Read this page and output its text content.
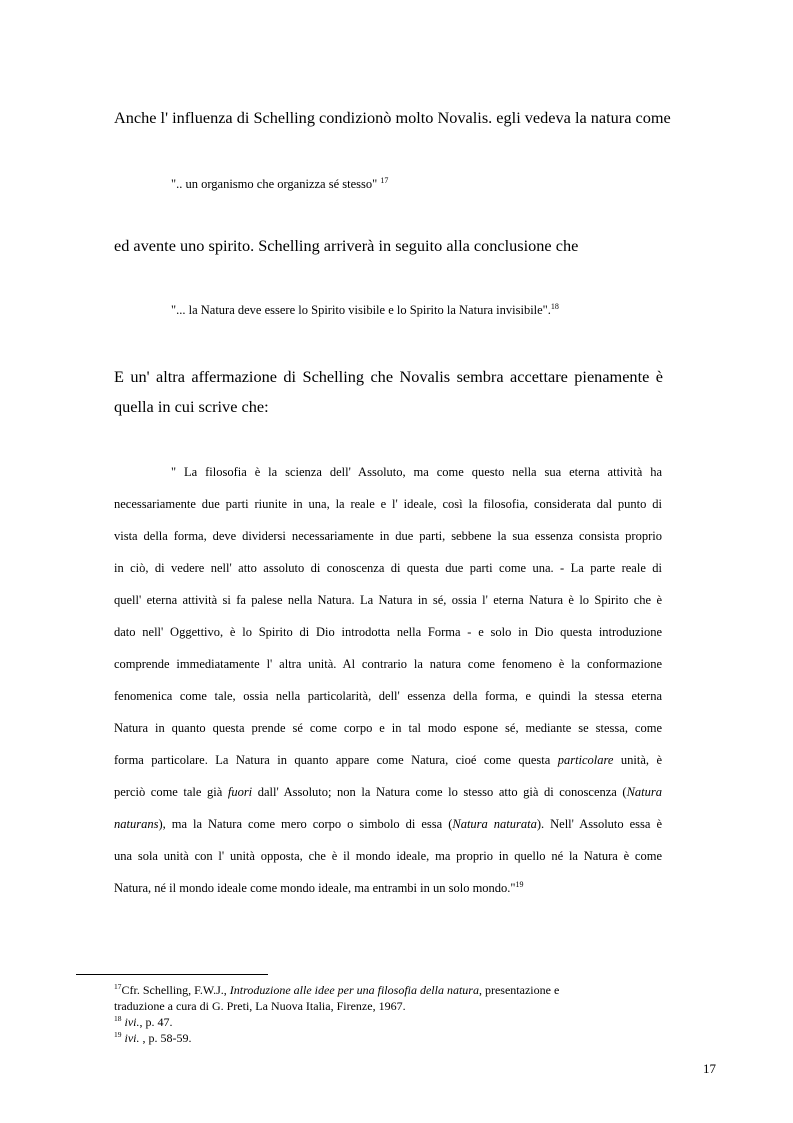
Anche l' influenza di Schelling condizionò molto Novalis. egli vedeva la natura come
".. un organismo che organizza sé stesso" $^{17}$
ed avente uno spirito. Schelling arriverà in seguito alla conclusione che
"... la Natura deve essere lo Spirito visibile e lo Spirito la Natura invisibile".$^{18}$
E un' altra affermazione di Schelling che Novalis sembra accettare pienamente è
quella in cui scrive che:
" La filosofia è la scienza dell' Assoluto, ma come questo nella sua eterna attività ha
necessariamente due parti riunite in una, la reale e l' ideale, così la filosofia, considerata dal punto di
vista della forma, deve dividersi necessariamente in due parti, sebbene la sua essenza consista proprio
in ciò, di vedere nell' atto assoluto di conoscenza di questa due parti come una. - La parte reale di
quell' eterna attività si fa palese nella Natura. La Natura in sé, ossia l' eterna Natura è lo Spirito che è
dato nell' Oggettivo, è lo Spirito di Dio introdotta nella Forma - e solo in Dio questa introduzione
comprende immediatamente l' altra unità. Al contrario la natura come fenomeno è la conformazione
fenomenica come tale, ossia nella particolarità, dell' essenza della forma, e quindi la stessa eterna
Natura in quanto questa prende sé come corpo e in tal modo espone sé, mediante se stessa, come
forma particolare. La Natura in quanto appare come Natura, cioé come questa particolare unità, è
perciò come tale già fuori dall' Assoluto; non la Natura come lo stesso atto già di conoscenza (Natura
naturans), ma la Natura come mero corpo o simbolo di essa (Natura naturata). Nell' Assoluto essa è
una sola unità con l' unità opposta, che è il mondo ideale, ma proprio in quello né la Natura è come
Natura, né il mondo ideale come mondo ideale, ma entrambi in un solo mondo."$^{19}$
$^{17}$Cfr. Schelling, F.W.J., Introduzione alle idee per una filosofia della natura, presentazione e
traduzione a cura di G. Preti, La Nuova Italia, Firenze, 1967.
$^{18}$ ivi., p. 47.
$^{19}$ ivi. , p. 58-59.
17
